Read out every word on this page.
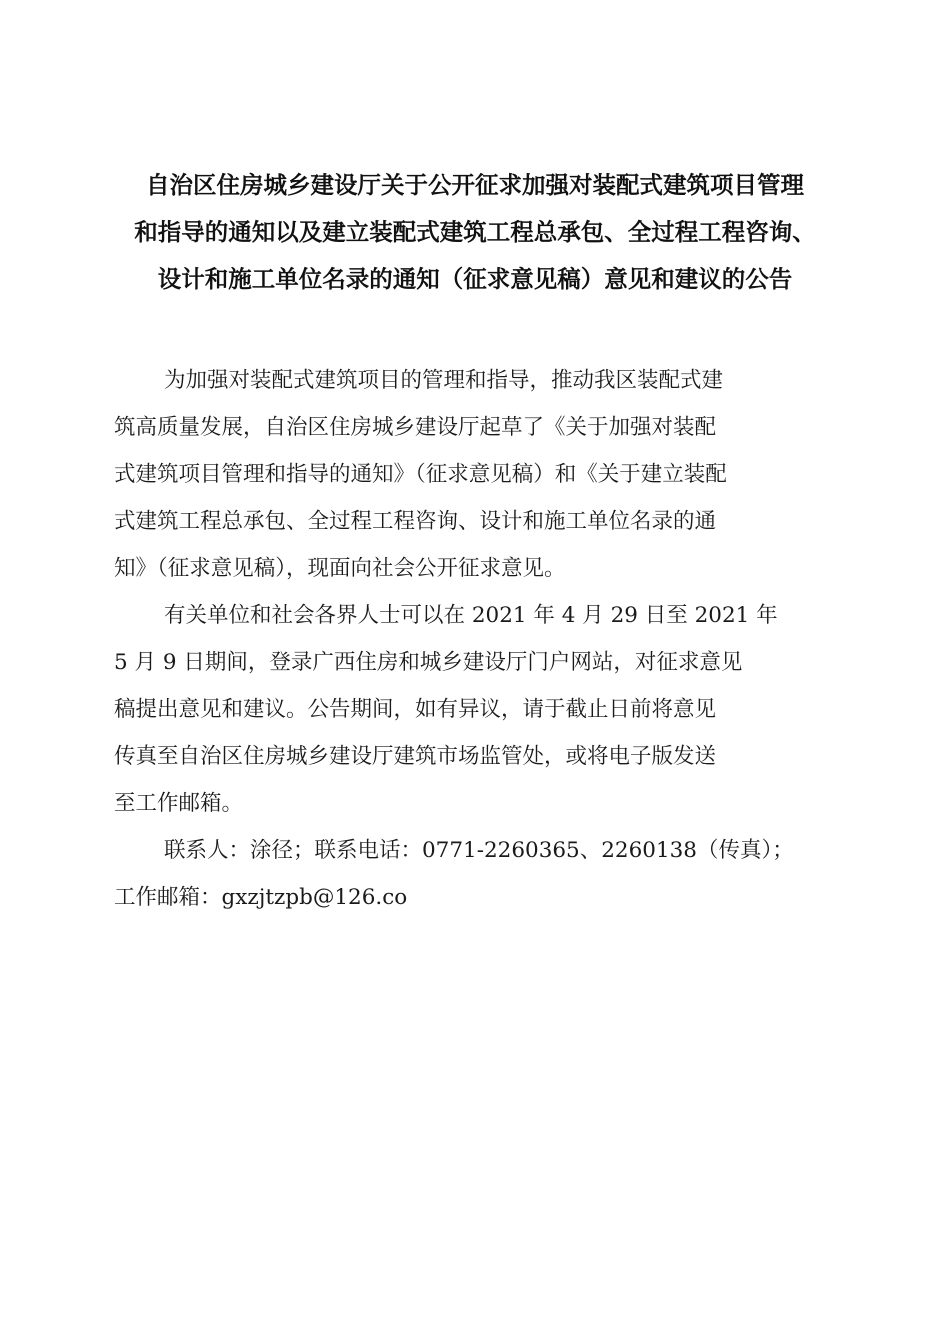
自治区住房城乡建设厅关于公开征求加强对装配式建筑项目管理
和指导的通知以及建立装配式建筑工程总承包、全过程工程咨询、
设计和施工单位名录的通知（征求意见稿）意见和建议的公告
为加强对装配式建筑项目的管理和指导，推动我区装配式建
筑高质量发展，自治区住房城乡建设厅起草了《关于加强对装配
式建筑项目管理和指导的通知》（征求意见稿）和《关于建立装配
式建筑工程总承包、全过程工程咨询、设计和施工单位名录的通
知》（征求意见稿），现面向社会公开征求意见。
有关单位和社会各界人士可以在 2021 年 4 月 29 日至 2021 年
5 月 9 日期间，登录广西住房和城乡建设厅门户网站，对征求意见
稿提出意见和建议。公告期间，如有异议，请于截止日前将意见
传真至自治区住房城乡建设厅建筑市场监管处，或将电子版发送
至工作邮箱。
联系人：涂径；联系电话：0771-2260365、2260138（传真）；
工作邮箱：gxzjtzpb@126.co
